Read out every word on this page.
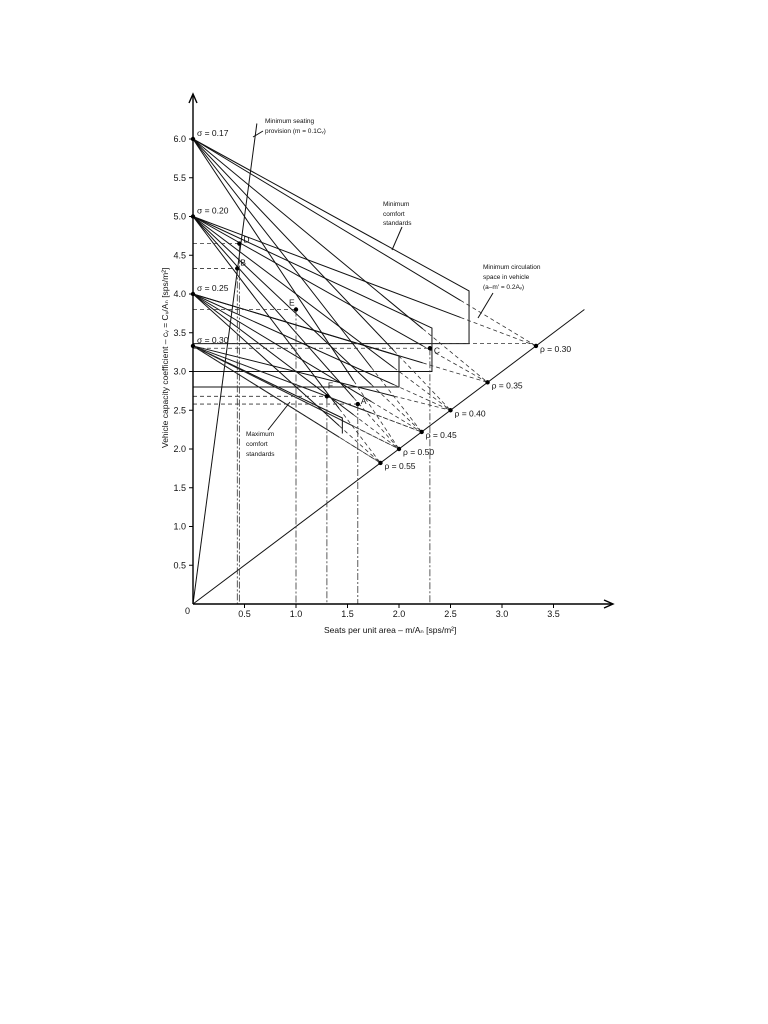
0.5	1.0	1.5	2.0	2.5	3.0	3.5
0.5
1.0
1.5
2.0
2.5
3.0
3.5
4.0
4.5
5.0
5.5
6.0
0
Seats per unit area – m/Aₙ [sps/m²]
Vehicle capacity coefficient – cᵥ = Cᵥ/Aₙ [sps/m²]
Minimum seating
provision (m = 0.1Cᵥ)
Minimum
comfort
standards
Minimum circulation
space in vehicle
(a–m′ = 0.2Aᵥ)
Maximum
comfort
standards
σ = 0.17
σ = 0.20
σ = 0.25
σ = 0.30
ρ = 0.30
ρ = 0.35
ρ = 0.40
ρ = 0.45
ρ = 0.50
ρ = 0.55
D
B
E
C
F
A
